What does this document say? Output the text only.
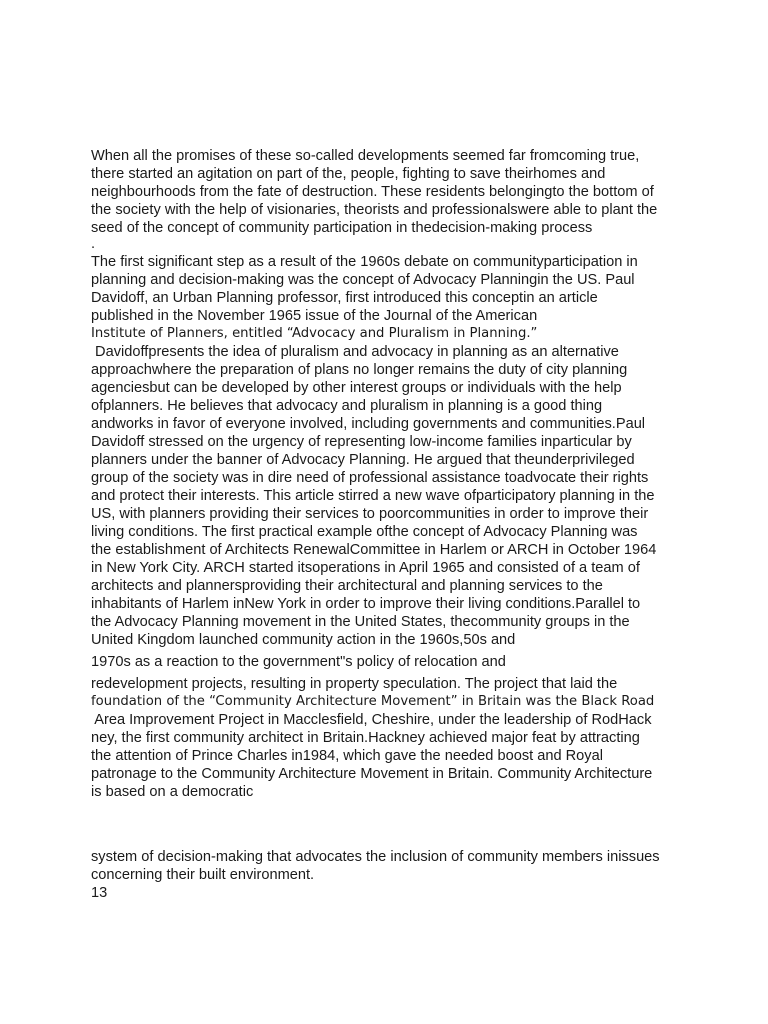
When all the promises of these so-called developments seemed far fromcoming true,
there started an agitation on part of the, people, fighting to save theirhomes and
neighbourhoods from the fate of destruction. These residents belongingto the bottom of
the society with the help of visionaries, theorists and professionalswere able to plant the
seed of the concept of community participation in thedecision-making process
.
The first significant step as a result of the 1960s debate on communityparticipation in
planning and decision-making was the concept of Advocacy Planningin the US. Paul
Davidoff, an Urban Planning professor, first introduced this conceptin an article
published in the November 1965 issue of the Journal of the American
Institute of Planners, entitled “Advocacy and Pluralism in Planning.”
Davidoffpresents the idea of pluralism and advocacy in planning as an alternative
approachwhere the preparation of plans no longer remains the duty of city planning
agenciesbut can be developed by other interest groups or individuals with the help
ofplanners. He believes that advocacy and pluralism in planning is a good thing
andworks in favor of everyone involved, including governments and communities.Paul
Davidoff stressed on the urgency of representing low-income families inparticular by
planners under the banner of Advocacy Planning. He argued that theunderprivileged
group of the society was in dire need of professional assistance toadvocate their rights
and protect their interests. This article stirred a new wave ofparticipatory planning in the
US, with planners providing their services to poorcommunities in order to improve their
living conditions. The first practical example ofthe concept of Advocacy Planning was
the establishment of Architects RenewalCommittee in Harlem or ARCH in October 1964
in New York City. ARCH started itsoperations in April 1965 and consisted of a team of
architects and plannersproviding their architectural and planning services to the
inhabitants of Harlem inNew York in order to improve their living conditions.Parallel to
the Advocacy Planning movement in the United States, thecommunity groups in the
United Kingdom launched community action in the 1960s,50s and
1970s as a reaction to the government"s policy of relocation and
redevelopment projects, resulting in property speculation. The project that laid the
foundation of the “Community Architecture Movement” in Britain was the Black Road
Area Improvement Project in Macclesfield, Cheshire, under the leadership of RodHack
ney, the first community architect in Britain.Hackney achieved major feat by attracting
the attention of Prince Charles in1984, which gave the needed boost and Royal
patronage to the Community Architecture Movement in Britain. Community Architecture
is based on a democratic
system of decision-making that advocates the inclusion of community members inissues
concerning their built environment.
13
